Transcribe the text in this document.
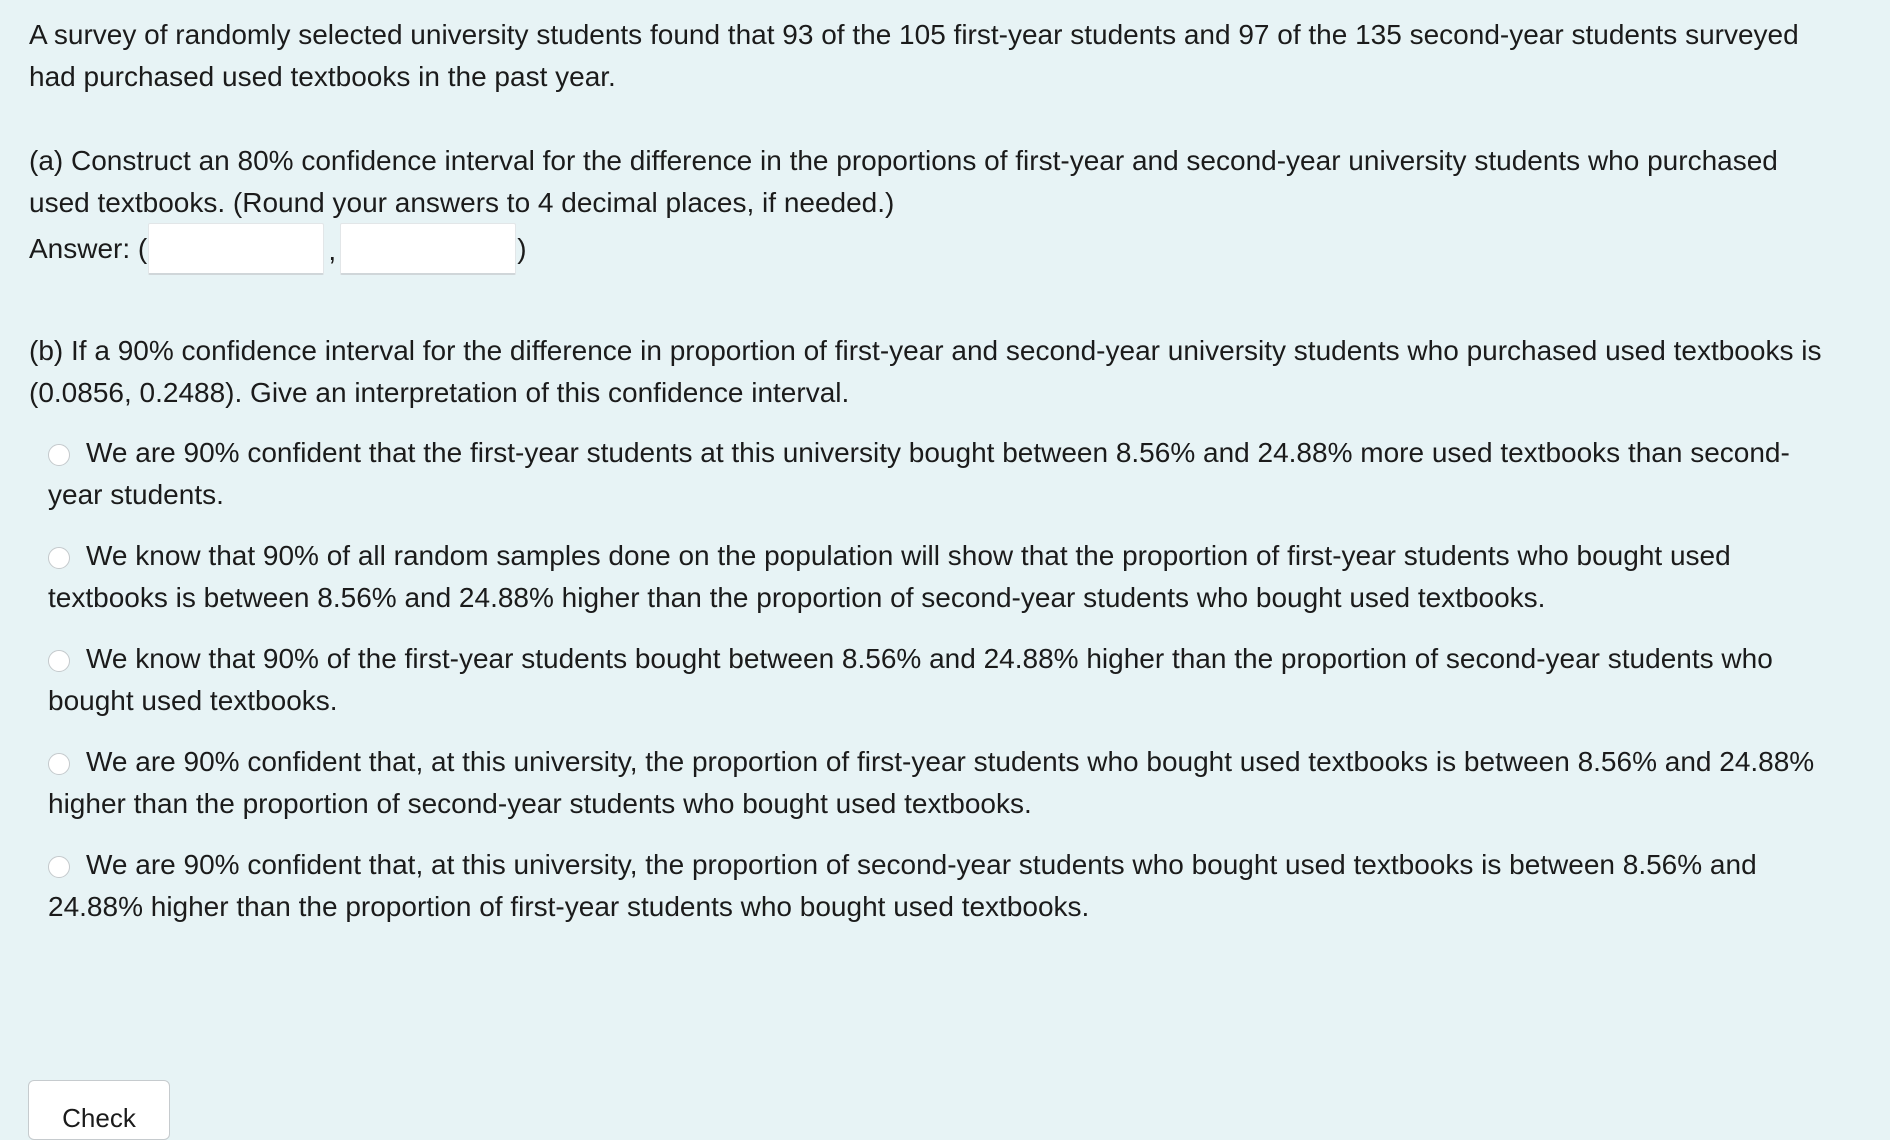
A survey of randomly selected university students found that 93 of the 105 first-year students and 97 of the 135 second-year students surveyed had purchased used textbooks in the past year.

(a) Construct an 80% confidence interval for the difference in the proportions of first-year and second-year university students who purchased used textbooks. (Round your answers to 4 decimal places, if needed.)

Answer: (	,	)

(b) If a 90% confidence interval for the difference in proportion of first-year and second-year university students who purchased used textbooks is (0.0856, 0.2488). Give an interpretation of this confidence interval.

We are 90% confident that the first-year students at this university bought between 8.56% and 24.88% more used textbooks than second-year students.
We know that 90% of all random samples done on the population will show that the proportion of first-year students who bought used textbooks is between 8.56% and 24.88% higher than the proportion of second-year students who bought used textbooks.
We know that 90% of the first-year students bought between 8.56% and 24.88% higher than the proportion of second-year students who bought used textbooks.
We are 90% confident that, at this university, the proportion of first-year students who bought used textbooks is between 8.56% and 24.88% higher than the proportion of second-year students who bought used textbooks.
We are 90% confident that, at this university, the proportion of second-year students who bought used textbooks is between 8.56% and 24.88% higher than the proportion of first-year students who bought used textbooks.
Check
